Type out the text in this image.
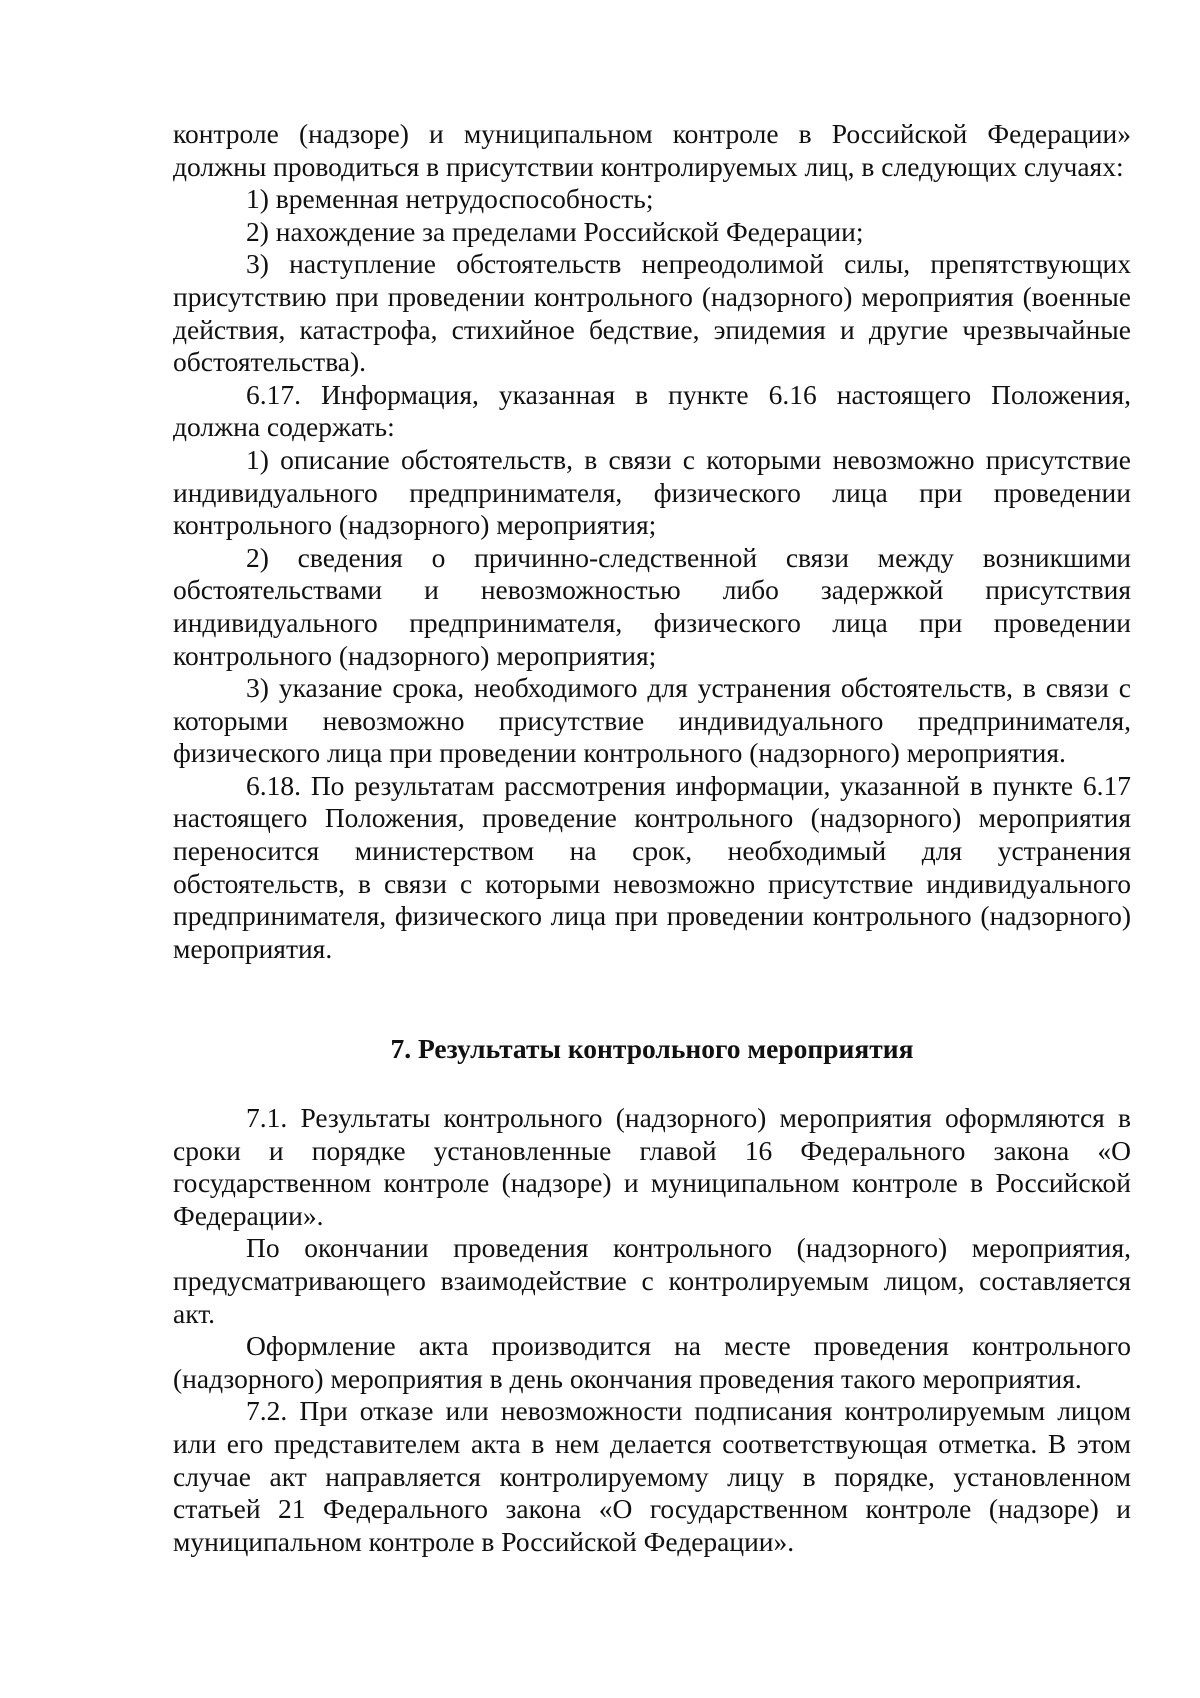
контроле (надзоре) и муниципальном контроле в Российской Федерации» должны проводиться в присутствии контролируемых лиц, в следующих случаях:

1) временная нетрудоспособность;

2) нахождение за пределами Российской Федерации;

3) наступление обстоятельств непреодолимой силы, препятствующих присутствию при проведении контрольного (надзорного) мероприятия (военные действия, катастрофа, стихийное бедствие, эпидемия и другие чрезвычайные обстоятельства).

6.17. Информация, указанная в пункте 6.16 настоящего Положения, должна содержать:

1) описание обстоятельств, в связи с которыми невозможно присутствие индивидуального предпринимателя, физического лица при проведении контрольного (надзорного) мероприятия;

2) сведения о причинно-следственной связи между возникшими обстоятельствами и невозможностью либо задержкой присутствия индивидуального предпринимателя, физического лица при проведении контрольного (надзорного) мероприятия;

3) указание срока, необходимого для устранения обстоятельств, в связи с которыми невозможно присутствие индивидуального предпринимателя, физического лица при проведении контрольного (надзорного) мероприятия.

6.18. По результатам рассмотрения информации, указанной в пункте 6.17 настоящего Положения, проведение контрольного (надзорного) мероприятия переносится министерством на срок, необходимый для устранения обстоятельств, в связи с которыми невозможно присутствие индивидуального предпринимателя, физического лица при проведении контрольного (надзорного) мероприятия.

7. Результаты контрольного мероприятия

7.1. Результаты контрольного (надзорного) мероприятия оформляются в сроки и порядке установленные главой 16 Федерального закона «О государственном контроле (надзоре) и муниципальном контроле в Российской Федерации».

По окончании проведения контрольного (надзорного) мероприятия, предусматривающего взаимодействие с контролируемым лицом, составляется акт.

Оформление акта производится на месте проведения контрольного (надзорного) мероприятия в день окончания проведения такого мероприятия.

7.2. При отказе или невозможности подписания контролируемым лицом или его представителем акта в нем делается соответствующая отметка. В этом случае акт направляется контролируемому лицу в порядке, установленном статьей 21 Федерального закона «О государственном контроле (надзоре) и муниципальном контроле в Российской Федерации».
